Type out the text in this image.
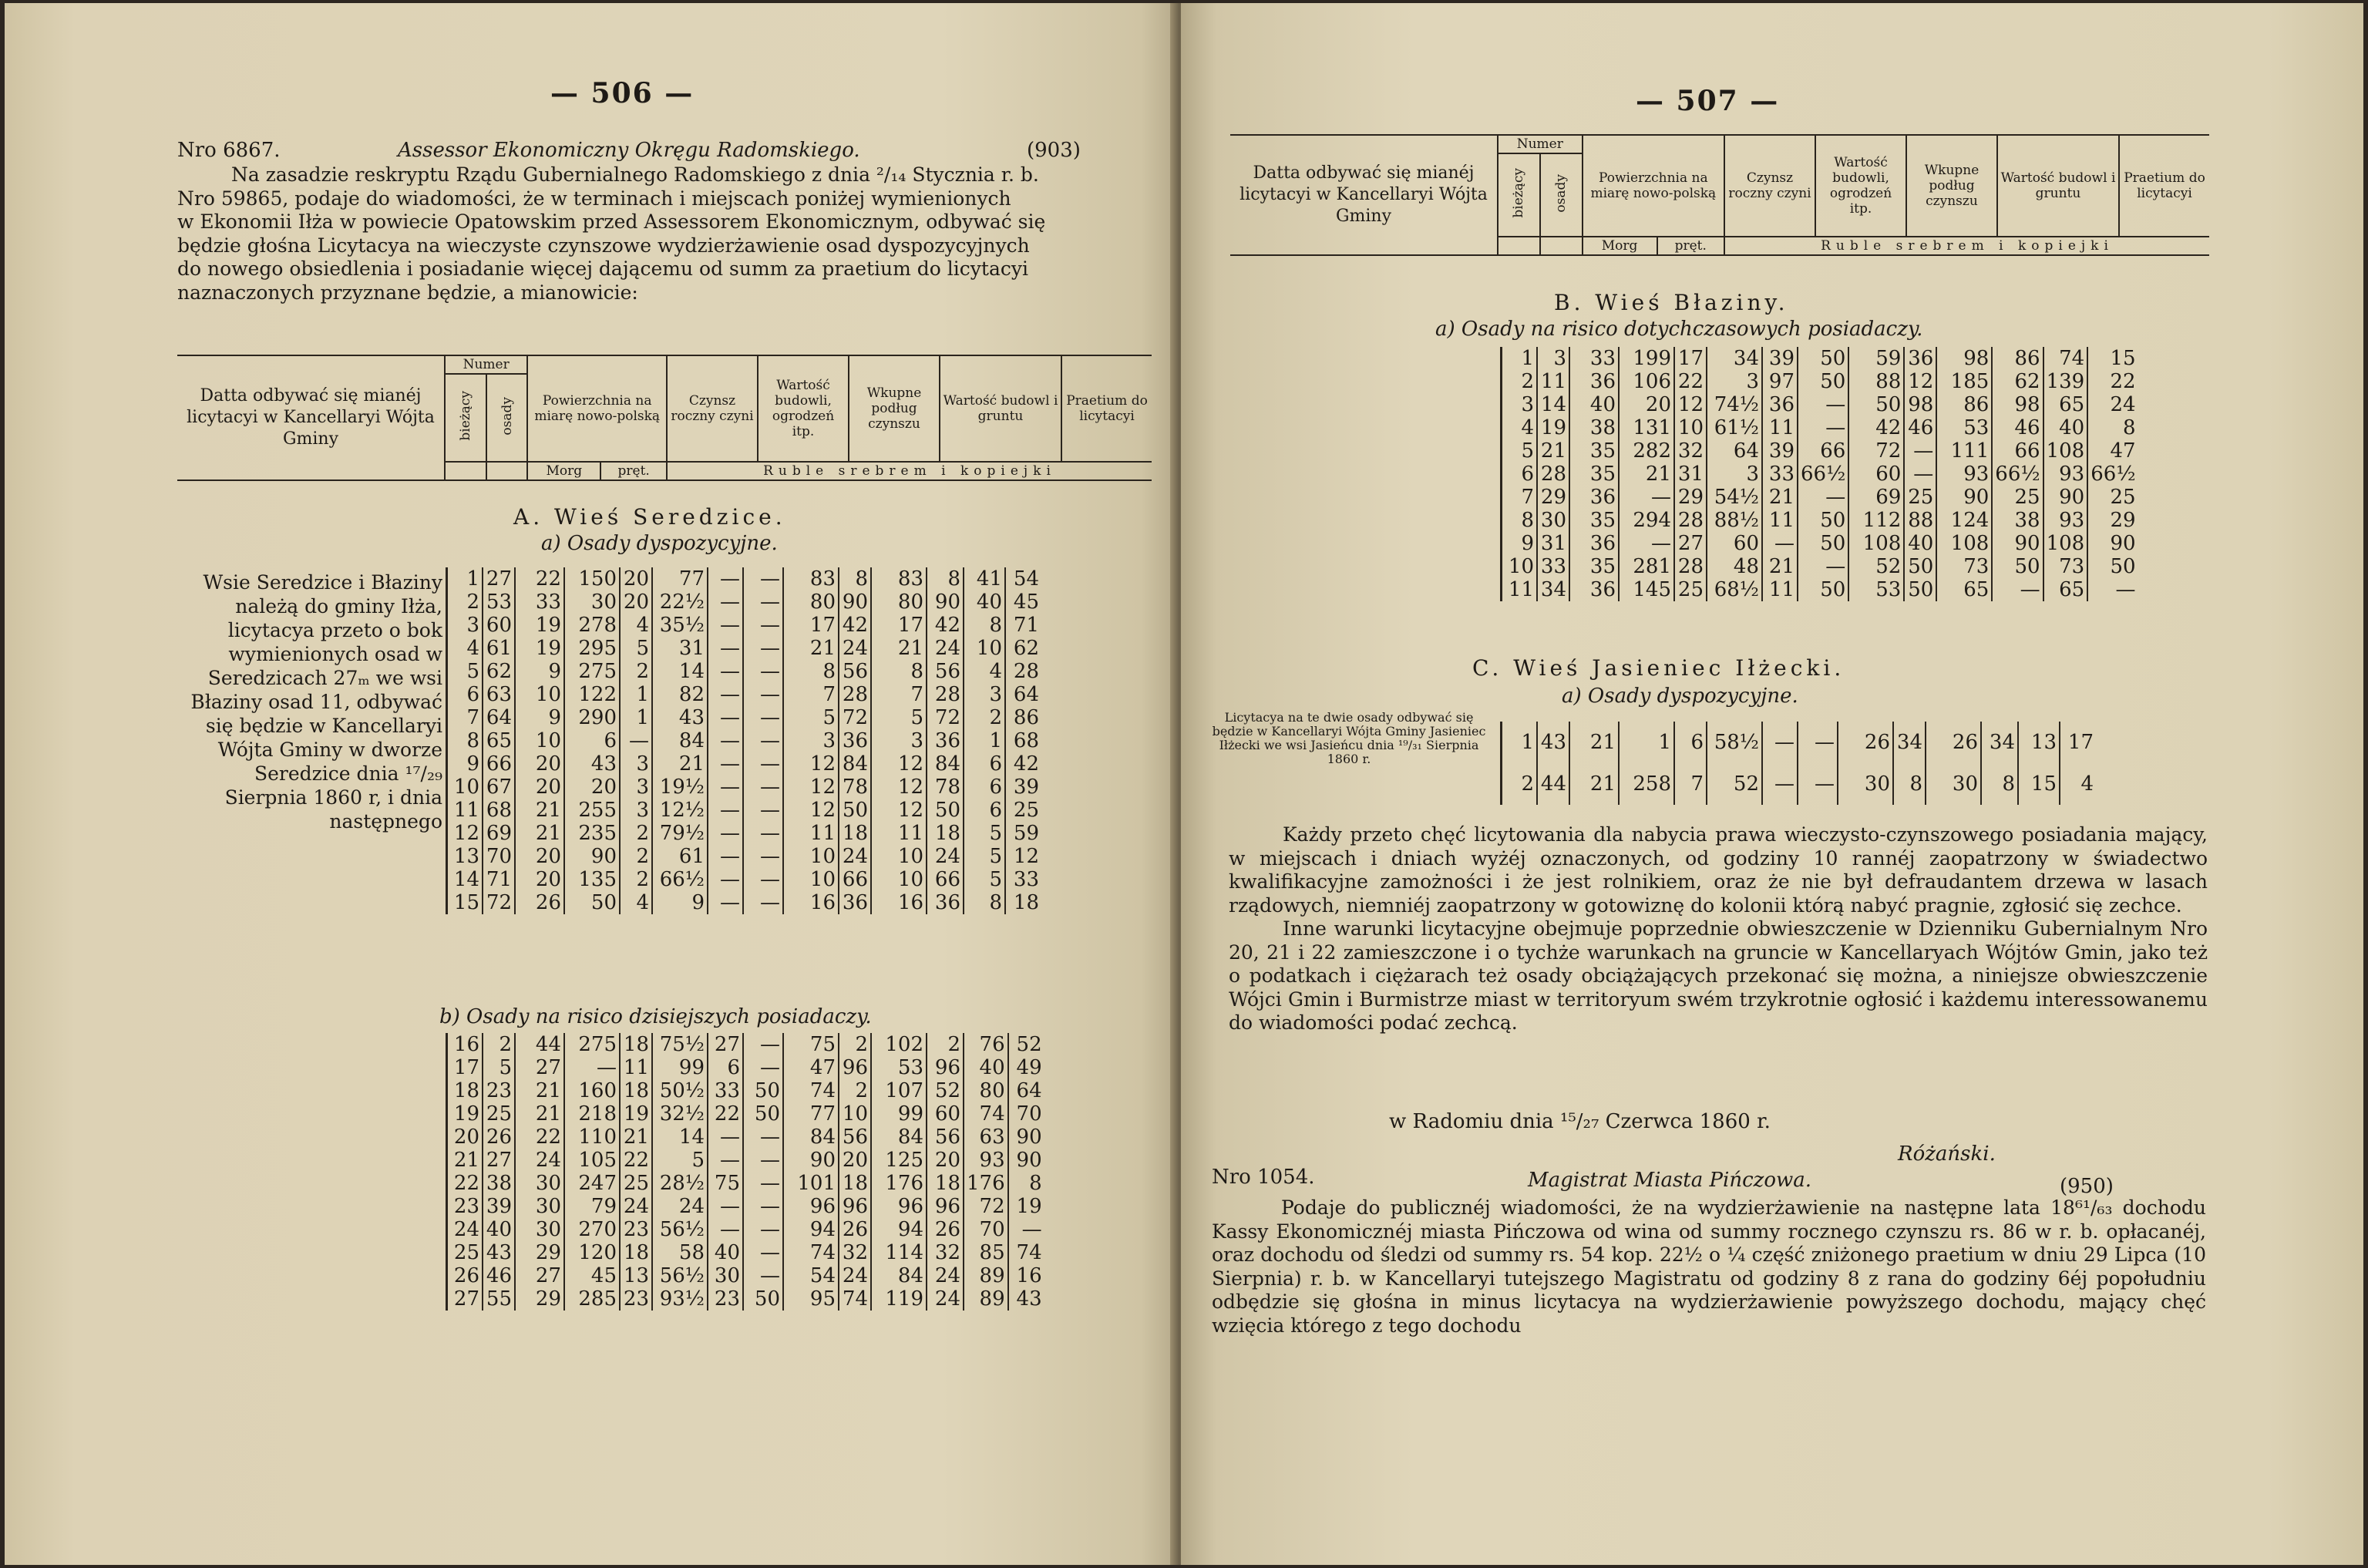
— 506 —
Nro 6867.	Assessor Ekonomiczny Okręgu Radomskiego.	(903)

Na zasadzie reskryptu Rządu Gubernialnego Radomskiego z dnia ²/₁₄ Stycznia r. b.

Nro 59865, podaje do wiadomości, że w terminach i miejscach poniżej wymienionych

w Ekonomii Iłża w powiecie Opatowskim przed Assessorem Ekonomicznym, odbywać się

będzie głośna Licytacya na wieczyste czynszowe wydzierżawienie osad dyspozycyjnych

do nowego obsiedlenia i posiadanie więcej dającemu od summ za praetium do licytacyi

naznaczonych przyznane będzie, a mianowicie:

Datta odbywać się mianéj licytacyi w Kancellaryi Wójta Gminy	Numer		Powierzchnia na miarę nowo-polską		Czynsz roczny czyni	Wartość budowli, ogrodzeń itp.	Wkupne podług czynszu	Wartość budowl i gruntu	Praetium do licytacyi
	bieżący	osady							
			Morg	pręt.	Ruble srebrem i kopiejki				
A. Wieś Seredzice.
a) Osady dyspozycyjne.
Wsie Seredzice i Błaziny należą do gminy Iłża, licytacya przeto o bok wymienionych osad w Seredzicach 27ₘ we wsi Błaziny osad 11, odbywać się będzie w Kancellaryi Wójta Gminy w dworze Seredzice dnia ¹⁷/₂₉ Sierpnia 1860 r, i dnia następnego
1	27	22	150	20	77	—	—	83	8	83	8	41	54
2	53	33	30	20	22½	—	—	80	90	80	90	40	45
3	60	19	278	4	35½	—	—	17	42	17	42	8	71
4	61	19	295	5	31	—	—	21	24	21	24	10	62
5	62	9	275	2	14	—	—	8	56	8	56	4	28
6	63	10	122	1	82	—	—	7	28	7	28	3	64
7	64	9	290	1	43	—	—	5	72	5	72	2	86
8	65	10	6	—	84	—	—	3	36	3	36	1	68
9	66	20	43	3	21	—	—	12	84	12	84	6	42
10	67	20	20	3	19½	—	—	12	78	12	78	6	39
11	68	21	255	3	12½	—	—	12	50	12	50	6	25
12	69	21	235	2	79½	—	—	11	18	11	18	5	59
13	70	20	90	2	61	—	—	10	24	10	24	5	12
14	71	20	135	2	66½	—	—	10	66	10	66	5	33
15	72	26	50	4	9	—	—	16	36	16	36	8	18
b) Osady na risico dzisiejszych posiadaczy.
16	2	44	275	18	75½	27	—	75	2	102	2	76	52
17	5	27	—	11	99	6	—	47	96	53	96	40	49
18	23	21	160	18	50½	33	50	74	2	107	52	80	64
19	25	21	218	19	32½	22	50	77	10	99	60	74	70
20	26	22	110	21	14	—	—	84	56	84	56	63	90
21	27	24	105	22	5	—	—	90	20	125	20	93	90
22	38	30	247	25	28½	75	—	101	18	176	18	176	8
23	39	30	79	24	24	—	—	96	96	96	96	72	19
24	40	30	270	23	56½	—	—	94	26	94	26	70	—
25	43	29	120	18	58	40	—	74	32	114	32	85	74
26	46	27	45	13	56½	30	—	54	24	84	24	89	16
27	55	29	285	23	93½	23	50	95	74	119	24	89	43
— 507 —
Datta odbywać się mianéj licytacyi w Kancellaryi Wójta Gminy	Numer		Powierzchnia na miarę nowo-polską		Czynsz roczny czyni	Wartość budowli, ogrodzeń itp.	Wkupne podług czynszu	Wartość budowl i gruntu	Praetium do licytacyi
	bieżący	osady							
			Morg	pręt.	Ruble srebrem i kopiejki				
B. Wieś Błaziny.
a) Osady na risico dotychczasowych posiadaczy.
1	3	33	199	17	34	39	50	59	36	98	86	74	15
2	11	36	106	22	3	97	50	88	12	185	62	139	22
3	14	40	20	12	74½	36	—	50	98	86	98	65	24
4	19	38	131	10	61½	11	—	42	46	53	46	40	8
5	21	35	282	32	64	39	66	72	—	111	66	108	47
6	28	35	21	31	3	33	66½	60	—	93	66½	93	66½
7	29	36	—	29	54½	21	—	69	25	90	25	90	25
8	30	35	294	28	88½	11	50	112	88	124	38	93	29
9	31	36	—	27	60	—	50	108	40	108	90	108	90
10	33	35	281	28	48	21	—	52	50	73	50	73	50
11	34	36	145	25	68½	11	50	53	50	65	—	65	—
C. Wieś Jasieniec Iłżecki.
a) Osady dyspozycyjne.
Licytacya na te dwie osady odbywać się będzie w Kancellaryi Wójta Gminy Jasieniec Iłżecki we wsi Jasieńcu dnia ¹⁹/₃₁ Sierpnia 1860 r.
1	43	21	1	6	58½	—	—	26	34	26	34	13	17
2	44	21	258	7	52	—	—	30	8	30	8	15	4

Każdy przeto chęć licytowania dla nabycia prawa wieczysto-czynszowego posiadania mający, w miejscach i dniach wyżéj oznaczonych, od godziny 10 rannéj zaopatrzony w świadectwo kwalifikacyjne zamożności i że jest rolnikiem, oraz że nie był defraudantem drzewa w lasach rządowych, niemniéj zaopatrzony w gotowiznę do kolonii którą nabyć pragnie, zgłosić się zechce.

Inne warunki licytacyjne obejmuje poprzednie obwieszczenie w Dzienniku Gubernialnym Nro 20, 21 i 22 zamieszczone i o tychże warunkach na gruncie w Kancellaryach Wójtów Gmin, jako też o podatkach i ciężarach też osady obciążających przekonać się można, a niniejsze obwieszczenie Wójci Gmin i Burmistrze miast w territoryum swém trzykrotnie ogłosić i każdemu interessowanemu do wiadomości podać zechcą.

w Radomiu dnia ¹⁵/₂₇ Czerwca 1860 r.
Różański.
Nro 1054.	Magistrat Miasta Pińczowa.	(950)

Podaje do publicznéj wiadomości, że na wydzierżawienie na następne lata 18⁶¹/₆₃ dochodu Kassy Ekonomicznéj miasta Pińczowa od wina od summy rocznego czynszu rs. 86 w r. b. opłacanéj, oraz dochodu od śledzi od summy rs. 54 kop. 22½ o ¼ część zniżonego praetium w dniu 29 Lipca (10 Sierpnia) r. b. w Kancellaryi tutejszego Magistratu od godziny 8 z rana do godziny 6éj popołudniu odbędzie się głośna in minus licytacya na wydzierżawienie powyższego dochodu, mający chęć wzięcia którego z tego dochodu
